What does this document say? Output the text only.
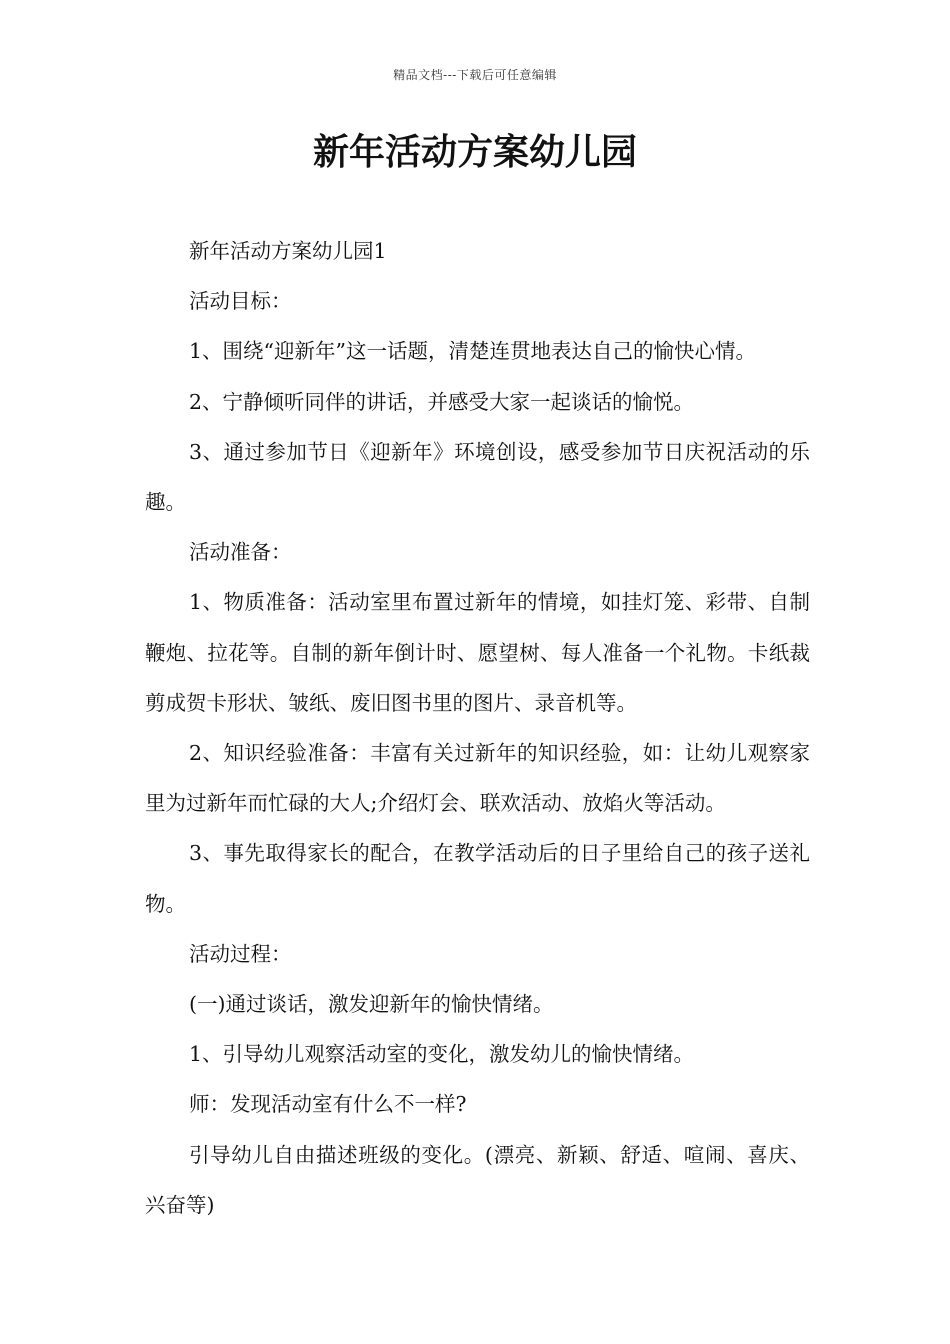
精品文档---下载后可任意编辑
新年活动方案幼儿园

新年活动方案幼儿园1

活动目标：

1、围绕“迎新年”这一话题，清楚连贯地表达自己的愉快心情。

2、宁静倾听同伴的讲话，并感受大家一起谈话的愉悦。

3、通过参加节日《迎新年》环境创设，感受参加节日庆祝活动的乐趣。

活动准备：

1、物质准备：活动室里布置过新年的情境，如挂灯笼、彩带、自制鞭炮、拉花等。自制的新年倒计时、愿望树、每人准备一个礼物。卡纸裁剪成贺卡形状、皱纸、废旧图书里的图片、录音机等。

2、知识经验准备：丰富有关过新年的知识经验，如：让幼儿观察家里为过新年而忙碌的大人;介绍灯会、联欢活动、放焰火等活动。

3、事先取得家长的配合，在教学活动后的日子里给自己的孩子送礼物。

活动过程：

(一)通过谈话，激发迎新年的愉快情绪。

1、引导幼儿观察活动室的变化，激发幼儿的愉快情绪。

师：发现活动室有什么不一样?

引导幼儿自由描述班级的变化。(漂亮、新颖、舒适、喧闹、喜庆、兴奋等)
